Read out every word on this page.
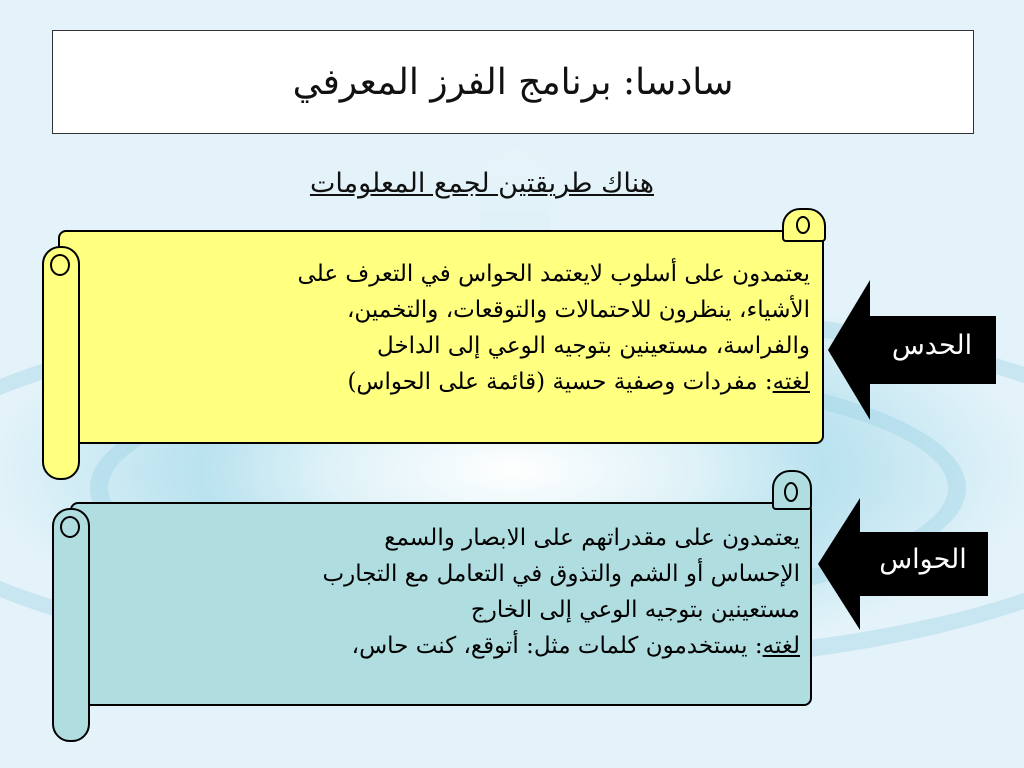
سادسا: برنامج الفرز المعرفي
هناك طريقتين لجمع المعلومات

يعتمدون على أسلوب لايعتمد الحواس في التعرف على

الأشياء، ينظرون للاحتمالات والتوقعات، والتخمين،

والفراسة، مستعينين بتوجيه الوعي إلى الداخل

لغته: مفردات وصفية حسية (قائمة على الحواس)

الحدس

يعتمدون على مقدراتهم على الابصار والسمع

الإحساس أو الشم والتذوق في التعامل مع التجارب

مستعينين بتوجيه الوعي إلى الخارج

لغته: يستخدمون كلمات مثل: أتوقع، كنت حاس،

الحواس
